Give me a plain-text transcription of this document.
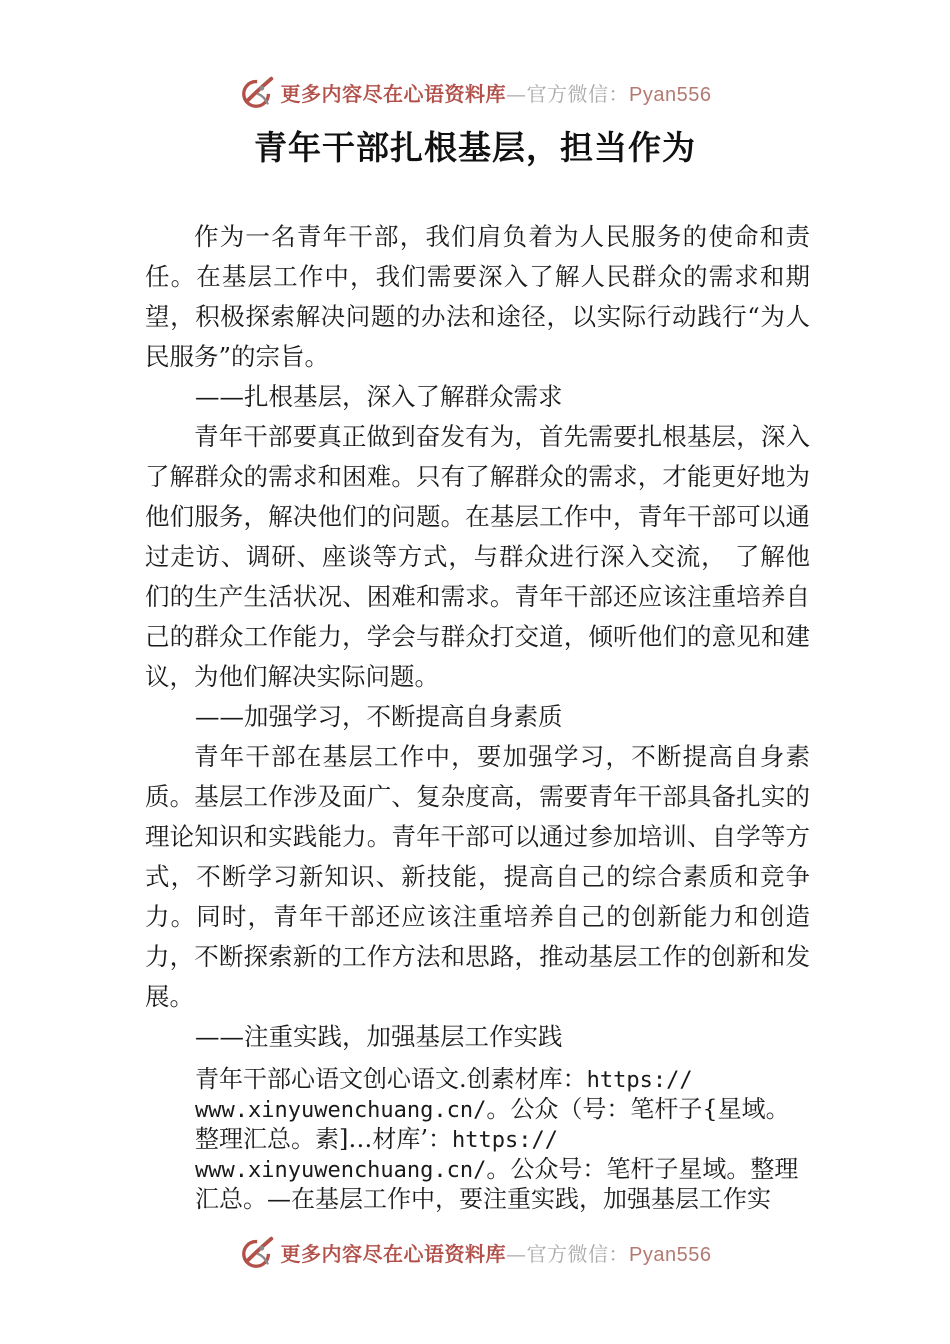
更多内容尽在心语资料库—官方微信：Pyan556
青年干部扎根基层，担当作为

作为一名青年干部，我们肩负着为人民服务的使命和责任。在基层工作中，我们需要深入了解人民群众的需求和期望，积极探索解决问题的办法和途径，以实际行动践行“为人民服务”的宗旨。

——扎根基层，深入了解群众需求

青年干部要真正做到奋发有为，首先需要扎根基层，深入了解群众的需求和困难。只有了解群众的需求，才能更好地为他们服务，解决他们的问题。在基层工作中，青年干部可以通过走访、调研、座谈等方式，与群众进行深入交流， 了解他们的生产生活状况、困难和需求。青年干部还应该注重培养自己的群众工作能力，学会与群众打交道，倾听他们的意见和建议，为他们解决实际问题。

——加强学习，不断提高自身素质

青年干部在基层工作中，要加强学习，不断提高自身素质。基层工作涉及面广、复杂度高，需要青年干部具备扎实的理论知识和实践能力。青年干部可以通过参加培训、自学等方式，不断学习新知识、新技能，提高自己的综合素质和竞争力。同时，青年干部还应该注重培养自己的创新能力和创造力，不断探索新的工作方法和思路，推动基层工作的创新和发展。

——注重实践，加强基层工作实践

青年干部心语文创心语文.创素材库：https://
www.xinyuwenchuang.cn/。公众（号：笔杆子{星域。整理汇总。素]…材库’：https://
www.xinyuwenchuang.cn/。公众号：笔杆子星域。整理汇总。—在基层工作中，要注重实践，加强基层工作实
更多内容尽在心语资料库—官方微信：Pyan556
